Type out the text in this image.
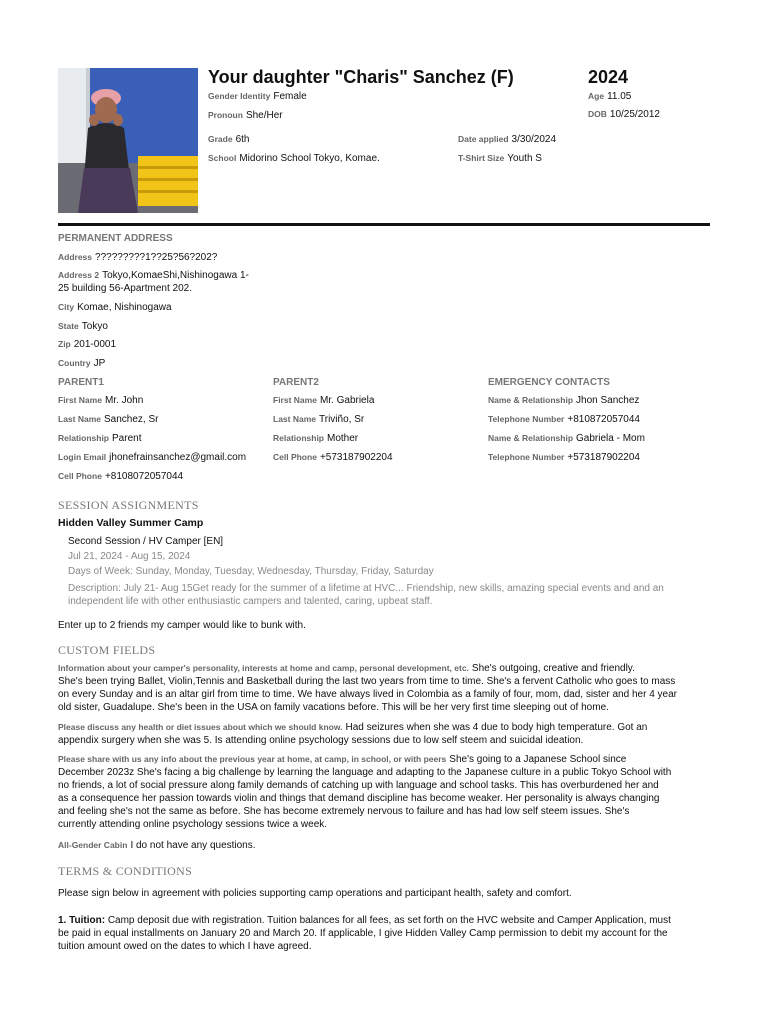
Your daughter "Charis" Sanchez (F)	2024
Gender Identity Female
Pronoun She/Her
Age 11.05
DOB 10/25/2012
Grade 6th	Date applied 3/30/2024
School Midorino School Tokyo, Komae.	T-Shirt Size Youth S
PERMANENT ADDRESS
Address ?????????1??25?56?202?
Address 2 Tokyo,KomaeShi,Nishinogawa 1-
25 building 56-Apartment 202.
City Komae, Nishinogawa
State Tokyo
Zip 201-0001
Country JP
PARENT1
First Name Mr. John
Last Name Sanchez, Sr
Relationship Parent
Login Email jhonefrainsanchez@gmail.com
Cell Phone +8108072057044
PARENT2
First Name Mr. Gabriela
Last Name Triviño, Sr
Relationship Mother
Cell Phone +573187902204
EMERGENCY CONTACTS
Name & Relationship Jhon Sanchez
Telephone Number +810872057044
Name & Relationship Gabriela - Mom
Telephone Number +573187902204
SESSION ASSIGNMENTS
Hidden Valley Summer Camp
Second Session / HV Camper [EN]
Jul 21, 2024 - Aug 15, 2024
Days of Week: Sunday, Monday, Tuesday, Wednesday, Thursday, Friday, Saturday
Description: July 21- Aug 15Get ready for the summer of a lifetime at HVC... Friendship, new skills, amazing special events and and an
independent life with other enthusiastic campers and talented, caring, upbeat staff.
Enter up to 2 friends my camper would like to bunk with.
CUSTOM FIELDS
Information about your camper's personality, interests at home and camp, personal development, etc. She's outgoing, creative and friendly.
She's been trying Ballet, Violin,Tennis and Basketball during the last two years from time to time. She's a fervent Catholic who goes to mass
on every Sunday and is an altar girl from time to time. We have always lived in Colombia as a family of four, mom, dad, sister and her 4 year
old sister, Guadalupe. She's been in the USA on family vacations before. This will be her very first time sleeping out of home.
Please discuss any health or diet issues about which we should know. Had seizures when she was 4 due to body high temperature. Got an
appendix surgery when she was 5. Is attending online psychology sessions due to low self steem and suicidal ideation.
Please share with us any info about the previous year at home, at camp, in school, or with peers She's going to a Japanese School since
December 2023z She's facing a big challenge by learning the language and adapting to the Japanese culture in a public Tokyo School with
no friends, a lot of social pressure along family demands of catching up with language and school tasks. This has overburdened her and
as a consequence her passion towards violin and things that demand discipline has become weaker. Her personality is always changing
and feeling she's not the same as before. She has become extremely nervous to failure and has had low self steem issues. She's
currently attending online psychology sessions twice a week.
All-Gender Cabin I do not have any questions.
TERMS & CONDITIONS
Please sign below in agreement with policies supporting camp operations and participant health, safety and comfort.
1. Tuition: Camp deposit due with registration. Tuition balances for all fees, as set forth on the HVC website and Camper Application, must
be paid in equal installments on January 20 and March 20. If applicable, I give Hidden Valley Camp permission to debit my account for the
tuition amount owed on the dates to which I have agreed.
